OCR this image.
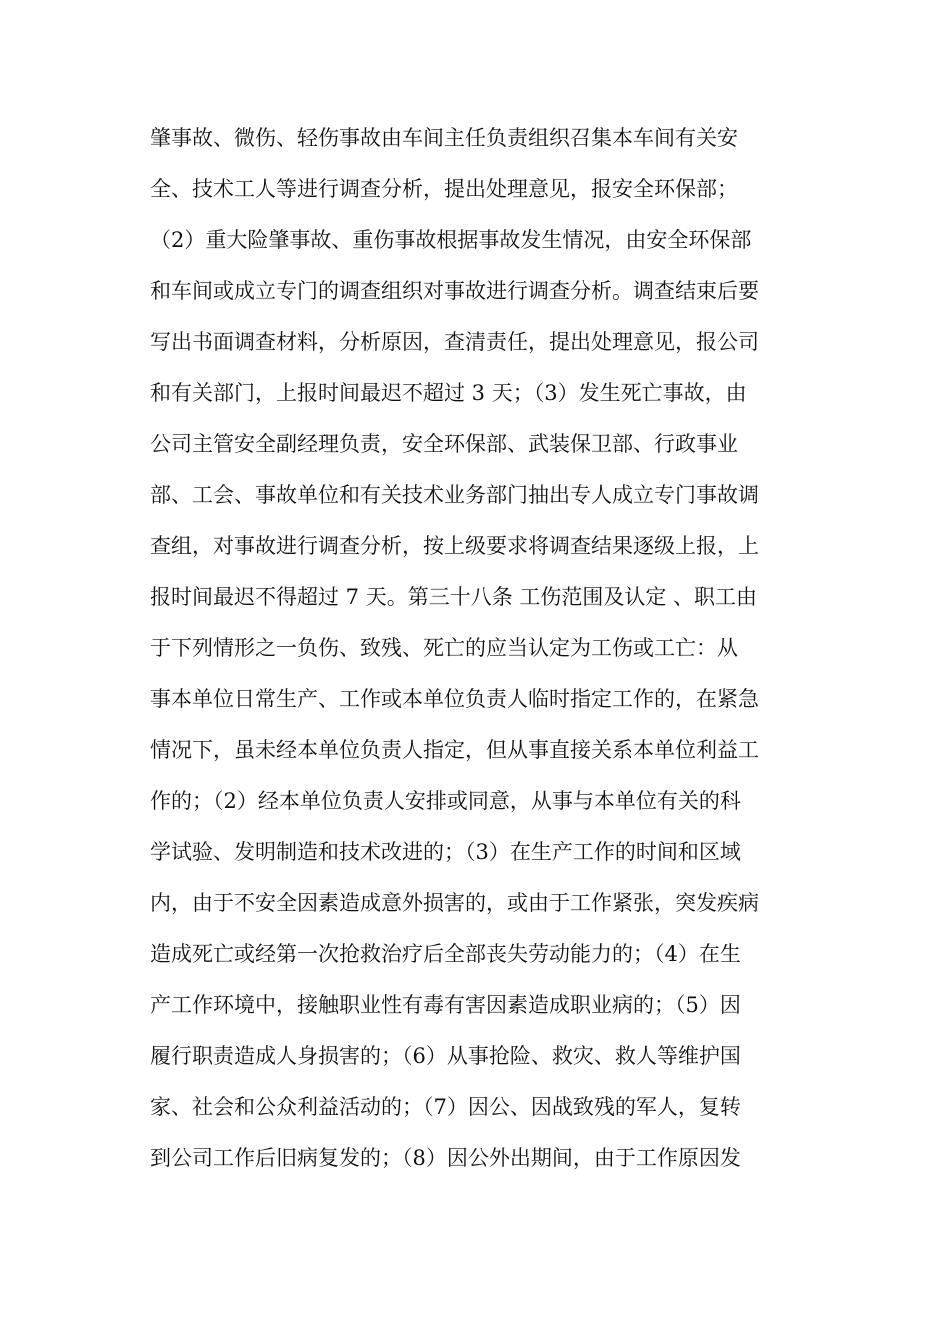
肇事故、微伤、轻伤事故由车间主任负责组织召集本车间有关安
全、技术工人等进行调查分析，提出处理意见，报安全环保部；
（2）重大险肇事故、重伤事故根据事故发生情况，由安全环保部
和车间或成立专门的调查组织对事故进行调查分析。调查结束后要
写出书面调查材料，分析原因，查清责任，提出处理意见，报公司
和有关部门，上报时间最迟不超过 3 天；（3）发生死亡事故，由
公司主管安全副经理负责，安全环保部、武装保卫部、行政事业
部、工会、事故单位和有关技术业务部门抽出专人成立专门事故调
查组，对事故进行调查分析，按上级要求将调查结果逐级上报，上
报时间最迟不得超过 7 天。第三十八条 工伤范围及认定 、职工由
于下列情形之一负伤、致残、死亡的应当认定为工伤或工亡：从
事本单位日常生产、工作或本单位负责人临时指定工作的，在紧急
情况下，虽未经本单位负责人指定，但从事直接关系本单位利益工
作的；（2）经本单位负责人安排或同意，从事与本单位有关的科
学试验、发明制造和技术改进的；（3）在生产工作的时间和区域
内，由于不安全因素造成意外损害的，或由于工作紧张，突发疾病
造成死亡或经第一次抢救治疗后全部丧失劳动能力的；（4）在生
产工作环境中，接触职业性有毒有害因素造成职业病的；（5）因
履行职责造成人身损害的；（6）从事抢险、救灾、救人等维护国
家、社会和公众利益活动的；（7）因公、因战致残的军人，复转
到公司工作后旧病复发的；（8）因公外出期间，由于工作原因发
